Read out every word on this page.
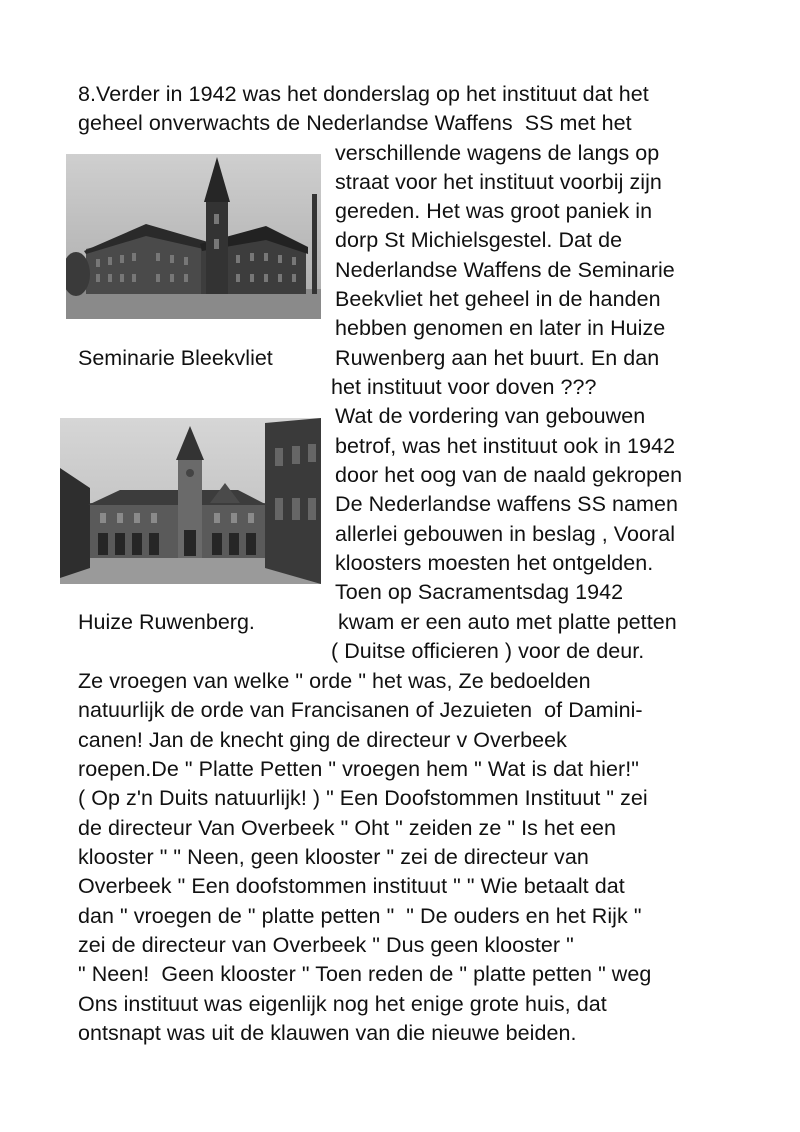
8.Verder in 1942 was het donderslag op het instituut dat het
geheel onverwachts de Nederlandse Waffens  SS met het
verschillende wagens de langs op
straat voor het instituut voorbij zijn
gereden. Het was groot paniek in
dorp St Michielsgestel. Dat de
Nederlandse Waffens de Seminarie
Beekvliet het geheel in de handen
hebben genomen en later in Huize
Ruwenberg aan het buurt. En dan
het instituut voor doven ???
Seminarie Bleekvliet
Wat de vordering van gebouwen
betrof, was het instituut ook in 1942
door het oog van de naald gekropen
De Nederlandse waffens SS namen
allerlei gebouwen in beslag , Vooral
kloosters moesten het ontgelden.
Toen op Sacramentsdag 1942
kwam er een auto met platte petten
( Duitse officieren ) voor de deur.
Huize Ruwenberg.
Ze vroegen van welke " orde " het was, Ze bedoelden
natuurlijk de orde van Francisanen of Jezuieten  of Damini-
canen! Jan de knecht ging de directeur v Overbeek
roepen.De " Platte Petten " vroegen hem " Wat is dat hier!"
( Op z'n Duits natuurlijk! ) " Een Doofstommen Instituut " zei
de directeur Van Overbeek " Oht " zeiden ze " Is het een
klooster " " Neen, geen klooster " zei de directeur van
Overbeek " Een doofstommen instituut " " Wie betaalt dat
dan " vroegen de " platte petten "  " De ouders en het Rijk "
zei de directeur van Overbeek " Dus geen klooster "
" Neen!  Geen klooster " Toen reden de " platte petten " weg
Ons instituut was eigenlijk nog het enige grote huis, dat
ontsnapt was uit de klauwen van die nieuwe beiden.
